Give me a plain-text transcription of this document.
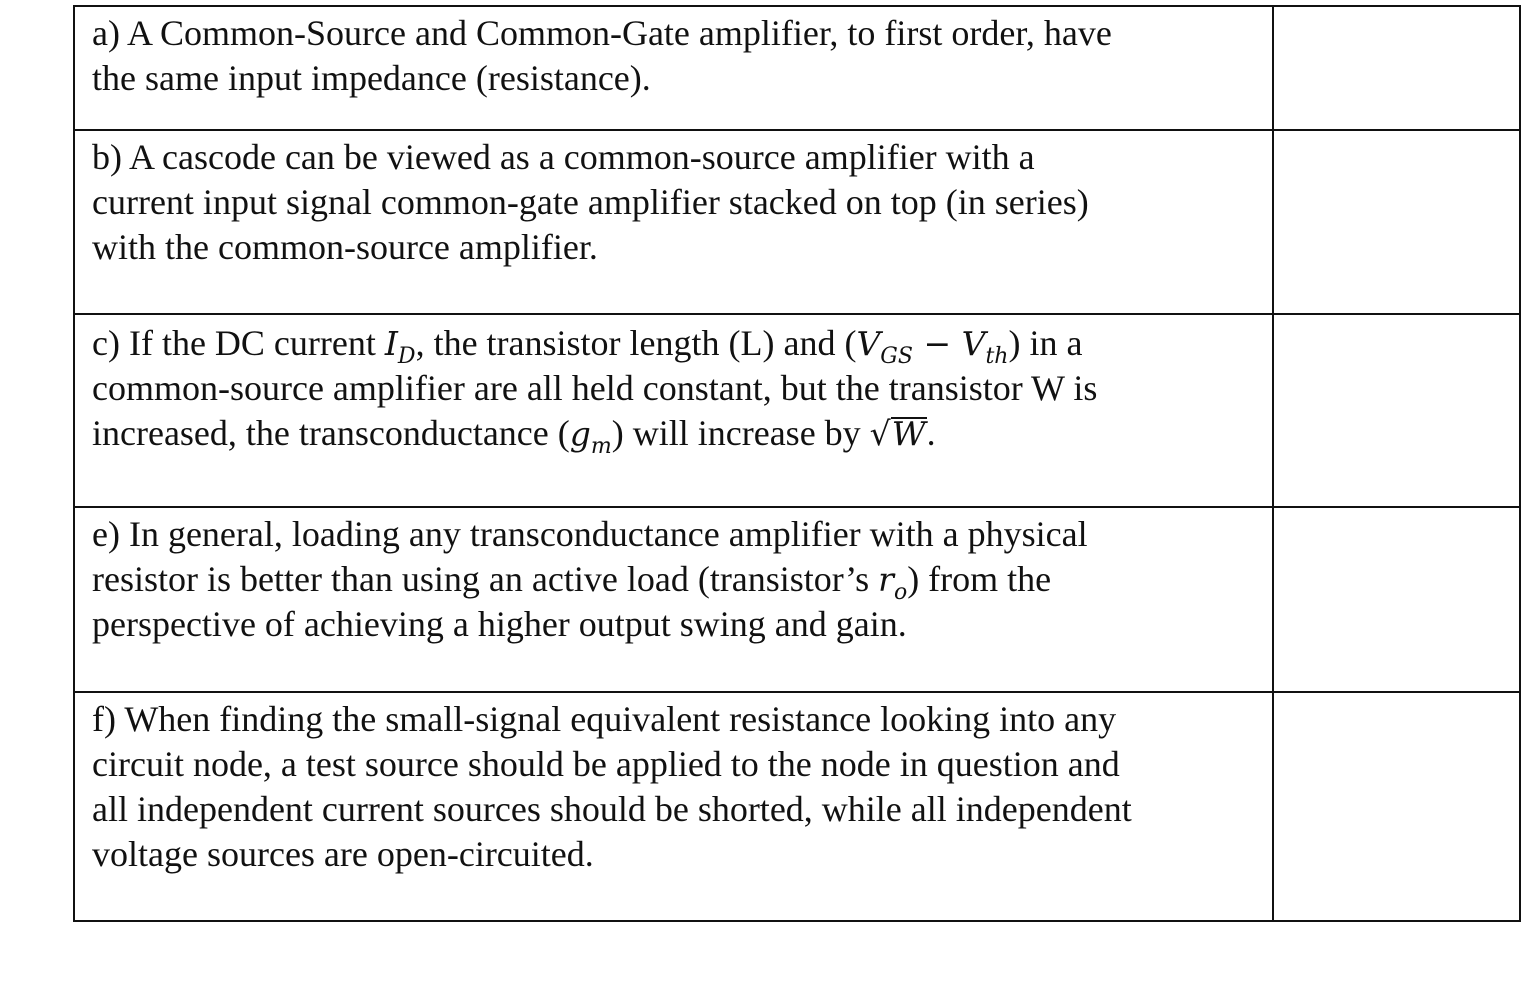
a) A Common-Source and Common-Gate amplifier, to first order, have
the same input impedance (resistance).	

b) A cascode can be viewed as a common-source amplifier with a
current input signal common-gate amplifier stacked on top (in series)
with the common-source amplifier.	

c) If the DC current $I_D$, the transistor length (L) and $(V_{GS} - V_{th})$ in a
common-source amplifier are all held constant, but the transistor W is
increased, the transconductance $(g_m)$ will increase by √W.	

e) In general, loading any transconductance amplifier with a physical
resistor is better than using an active load (transistor’s $r_o$) from the
perspective of achieving a higher output swing and gain.	

f) When finding the small-signal equivalent resistance looking into any
circuit node, a test source should be applied to the node in question and
all independent current sources should be shorted, while all independent
voltage sources are open-circuited.	
